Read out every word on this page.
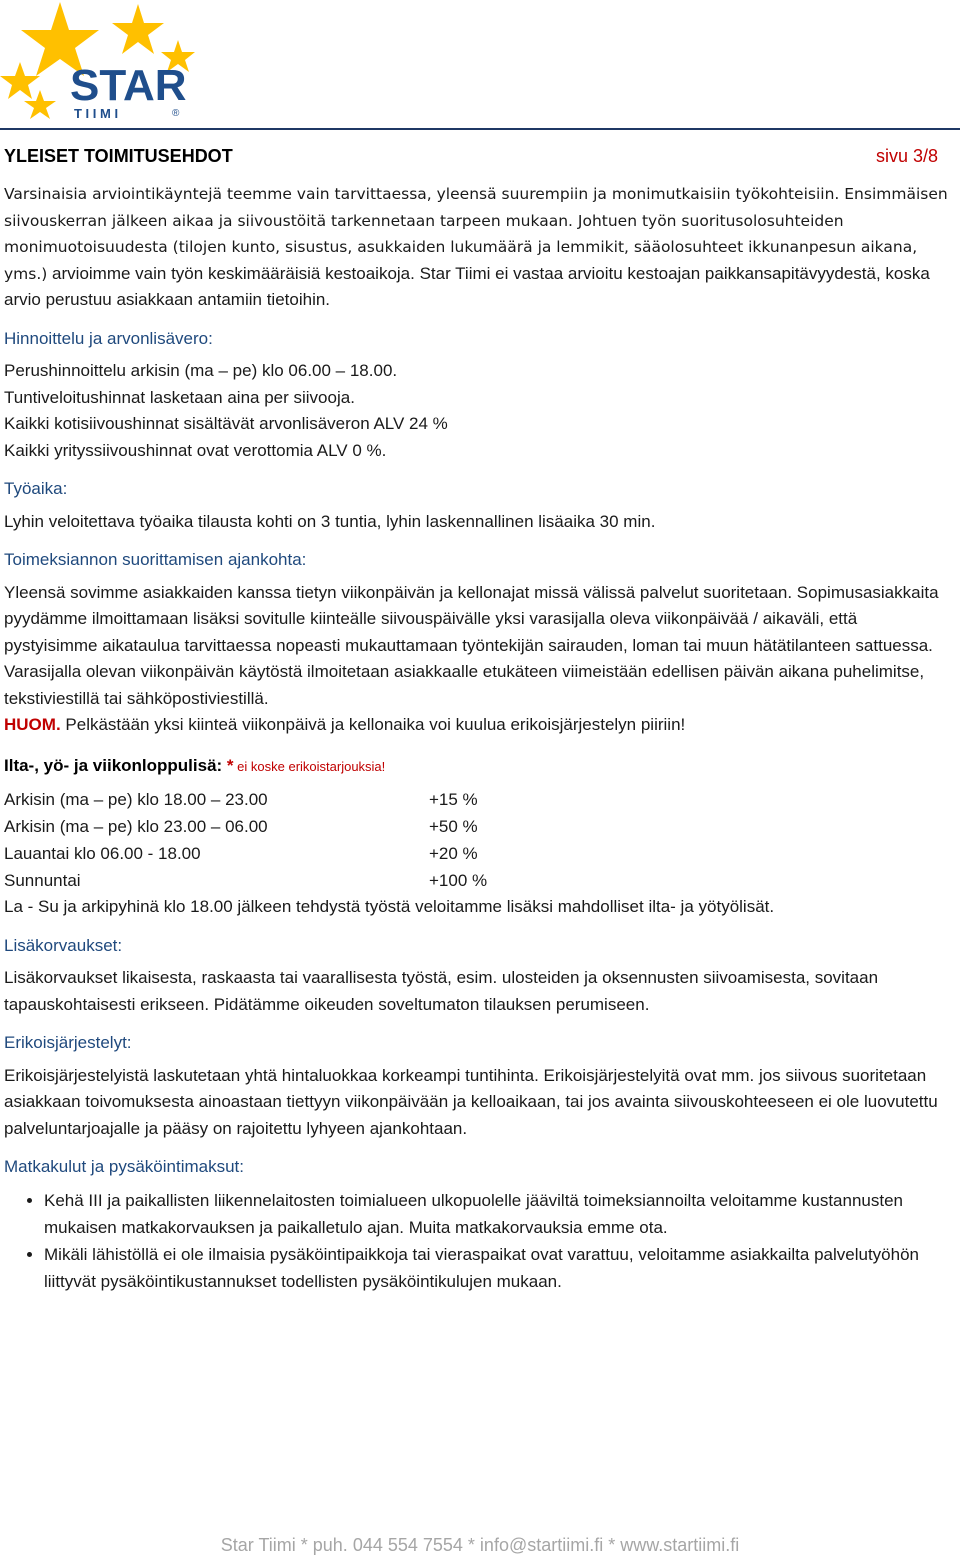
STAR
T I I M I	®
YLEISET TOIMITUSEHDOT	sivu 3/8

Varsinaisia arviointikäyntejä teemme vain tarvittaessa, yleensä suurempiin ja monimutkaisiin työkohteisiin. Ensimmäisen siivouskerran jälkeen aikaa ja siivoustöitä tarkennetaan tarpeen mukaan. Johtuen työn suoritusolosuhteiden monimuotoisuudesta (tilojen kunto, sisustus, asukkaiden lukumäärä ja lemmikit, sääolosuhteet ikkunanpesun aikana, yms.) arvioimme vain työn keskimääräisiä kestoaikoja. Star Tiimi ei vastaa arvioitu kestoajan paikkansapitävyydestä, koska arvio perustuu asiakkaan antamiin tietoihin.

Hinnoittelu ja arvonlisävero:

Perushinnoittelu arkisin (ma – pe) klo 06.00 – 18.00.

Tuntiveloitushinnat lasketaan aina per siivooja.

Kaikki kotisiivoushinnat sisältävät arvonlisäveron ALV 24 %

Kaikki yrityssiivoushinnat ovat verottomia ALV 0 %.

Työaika:

Lyhin veloitettava työaika tilausta kohti on 3 tuntia, lyhin laskennallinen lisäaika 30 min.

Toimeksiannon suorittamisen ajankohta:

Yleensä sovimme asiakkaiden kanssa tietyn viikonpäivän ja kellonajat missä välissä palvelut suoritetaan. Sopimusasiakkaita pyydämme ilmoittamaan lisäksi sovitulle kiinteälle siivouspäivälle yksi varasijalla oleva viikonpäivää / aikaväli, että pystyisimme aikataulua tarvittaessa nopeasti mukauttamaan työntekijän sairauden, loman tai muun hätätilanteen sattuessa. Varasijalla olevan viikonpäivän käytöstä ilmoitetaan asiakkaalle etukäteen viimeistään edellisen päivän aikana puhelimitse, tekstiviestillä tai sähköpostiviestillä.

HUOM. Pelkästään yksi kiinteä viikonpäivä ja kellonaika voi kuulua erikoisjärjestelyn piiriin!

Ilta-, yö- ja viikonloppulisä: * ei koske erikoistarjouksia!

Arkisin (ma – pe) klo 18.00 – 23.00	+15 %
Arkisin (ma – pe) klo 23.00 – 06.00	+50 %
Lauantai klo 06.00 - 18.00	+20 %
Sunnuntai	+100 %

La - Su ja arkipyhinä klo 18.00 jälkeen tehdystä työstä veloitamme lisäksi mahdolliset ilta- ja yötyölisät.

Lisäkorvaukset:

Lisäkorvaukset likaisesta, raskaasta tai vaarallisesta työstä, esim. ulosteiden ja oksennusten siivoamisesta, sovitaan tapauskohtaisesti erikseen. Pidätämme oikeuden soveltumaton tilauksen perumiseen.

Erikoisjärjestelyt:

Erikoisjärjestelyistä laskutetaan yhtä hintaluokkaa korkeampi tuntihinta. Erikoisjärjestelyitä ovat mm. jos siivous suoritetaan asiakkaan toivomuksesta ainoastaan tiettyyn viikonpäivään ja kelloaikaan, tai jos avainta siivouskohteeseen ei ole luovutettu palveluntarjoajalle ja pääsy on rajoitettu lyhyeen ajankohtaan.

Matkakulut ja pysäköintimaksut:

• Kehä III ja paikallisten liikennelaitosten toimialueen ulkopuolelle jääviltä toimeksiannoilta veloitamme kustannusten mukaisen matkakorvauksen ja paikalletulo ajan. Muita matkakorvauksia emme ota.
• Mikäli lähistöllä ei ole ilmaisia pysäköintipaikkoja tai vieraspaikat ovat varattuu, veloitamme asiakkailta palvelutyöhön liittyvät pysäköintikustannukset todellisten pysäköintikulujen mukaan.
Star Tiimi * puh. 044 554 7554 * info@startiimi.fi * www.startiimi.fi
